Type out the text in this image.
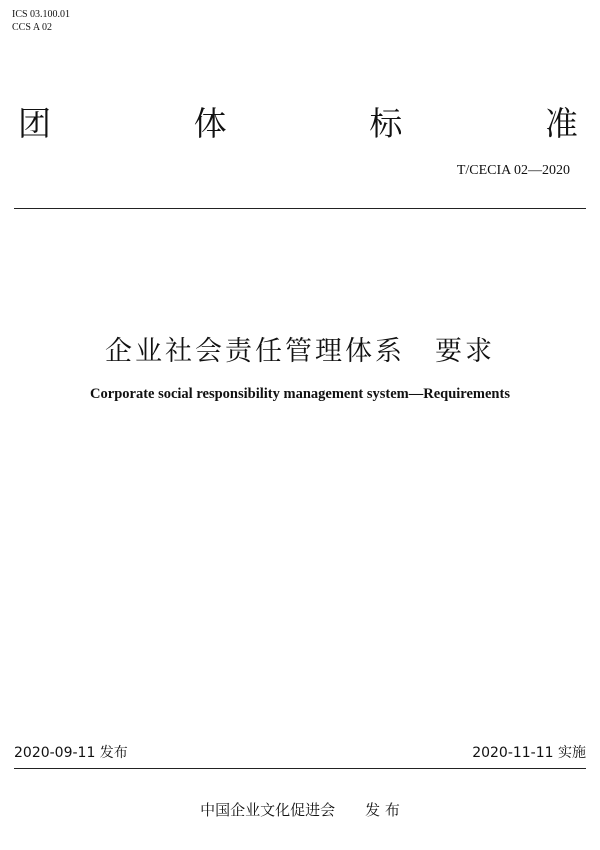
ICS 03.100.01
CCS A 02
团	体	标	准
T/CECIA 02—2020
企业社会责任管理体系 要求
Corporate social responsibility management system—Requirements
2020-09-11 发布	2020-11-11 实施
中国企业文化促进会 发 布
